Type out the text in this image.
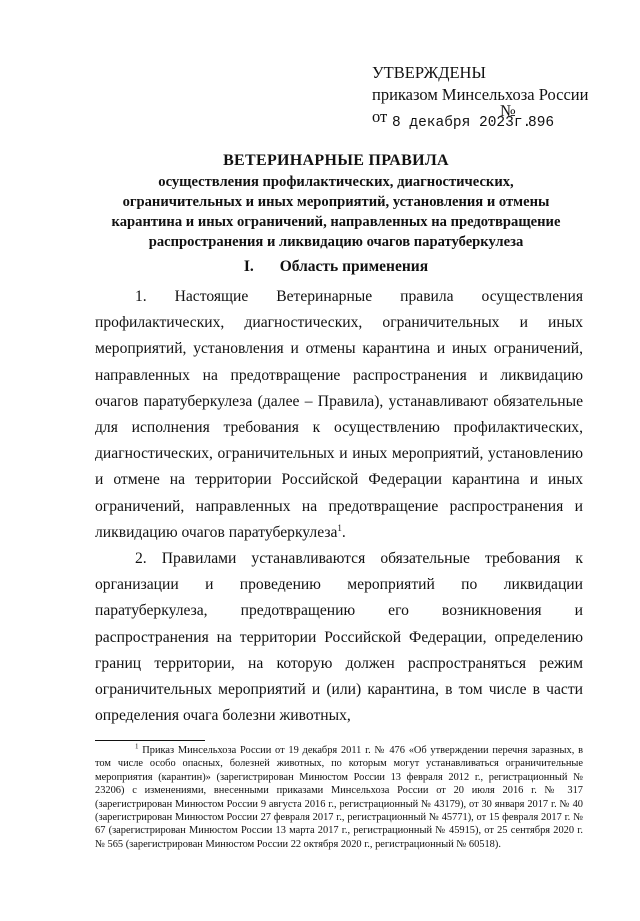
УТВЕРЖДЕНЫ
приказом Минсельхоза России
от 8 декабря 2023г.
№
896
ВЕТЕРИНАРНЫЕ ПРАВИЛА
осуществления профилактических, диагностических,
ограничительных и иных мероприятий, установления и отмены
карантина и иных ограничений, направленных на предотвращение
распространения и ликвидацию очагов паратуберкулеза
I. Область применения

1. Настоящие Ветеринарные правила осуществления профилактических, диагностических, ограничительных и иных мероприятий, установления и отмены карантина и иных ограничений, направленных на предотвращение распространения и ликвидацию очагов паратуберкулеза (далее – Правила), устанавливают обязательные для исполнения требования к осуществлению профилактических, диагностических, ограничительных и иных мероприятий, установлению и отмене на территории Российской Федерации карантина и иных ограничений, направленных на предотвращение распространения и ликвидацию очагов паратуберкулеза$^1$.

2. Правилами устанавливаются обязательные требования к организации и проведению мероприятий по ликвидации паратуберкулеза, предотвращению его возникновения и распространения на территории Российской Федерации, определению границ территории, на которую должен распространяться режим ограничительных мероприятий и (или) карантина, в том числе в части определения очага болезни животных,

$^1$ Приказ Минсельхоза России от 19 декабря 2011 г. № 476 «Об утверждении перечня заразных, в том числе особо опасных, болезней животных, по которым могут устанавливаться ограничительные мероприятия (карантин)» (зарегистрирован Минюстом России 13 февраля 2012 г., регистрационный № 23206) с изменениями, внесенными приказами Минсельхоза России от 20 июля 2016 г. № 317 (зарегистрирован Минюстом России 9 августа 2016 г., регистрационный № 43179), от 30 января 2017 г. № 40 (зарегистрирован Минюстом России 27 февраля 2017 г., регистрационный № 45771), от 15 февраля 2017 г. № 67 (зарегистрирован Минюстом России 13 марта 2017 г., регистрационный № 45915), от 25 сентября 2020 г. № 565 (зарегистрирован Минюстом России 22 октября 2020 г., регистрационный № 60518).
